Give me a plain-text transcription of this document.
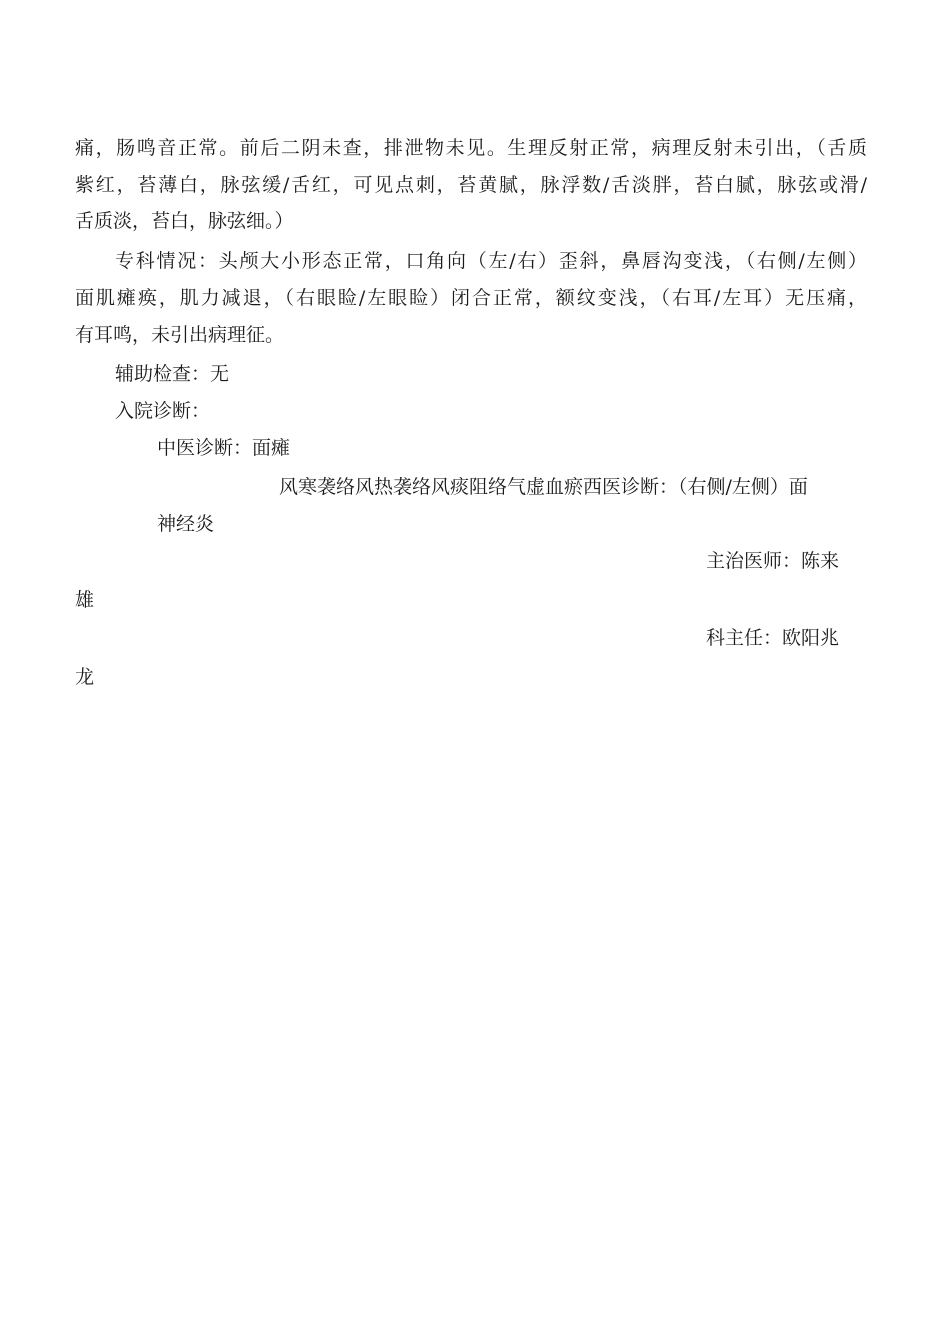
痛，肠鸣音正常。前后二阴未查，排泄物未见。生理反射正常，病理反射未引出，（舌质
紫红，苔薄白，脉弦缓/舌红，可见点刺，苔黄腻，脉浮数/舌淡胖，苔白腻，脉弦或滑/
舌质淡，苔白，脉弦细。）
专科情况：头颅大小形态正常，口角向（左/右）歪斜，鼻唇沟变浅，（右侧/左侧）
面肌瘫痪，肌力减退，（右眼睑/左眼睑）闭合正常，额纹变浅，（右耳/左耳）无压痛，
有耳鸣，未引出病理征。
辅助检查：无
入院诊断：
中医诊断：面瘫
风寒袭络风热袭络风痰阻络气虚血瘀西医诊断：（右侧/左侧）面
神经炎
主治医师：陈来
雄
科主任：欧阳兆
龙
